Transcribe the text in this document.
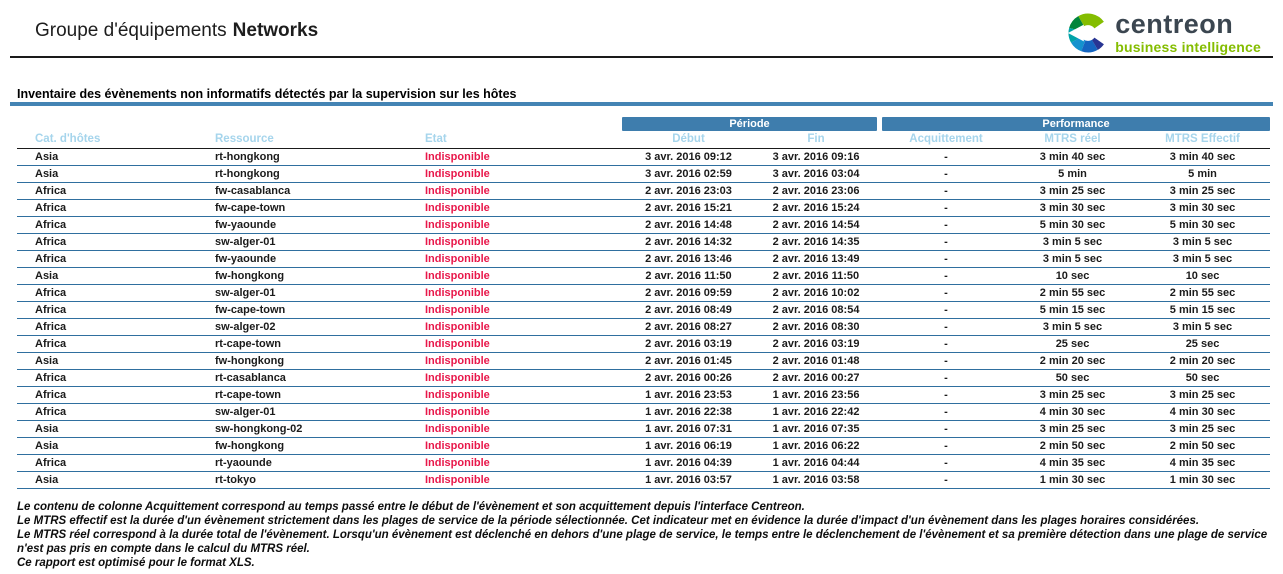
Groupe d'équipements Networks	centreon
business intelligence
Inventaire des évènements non informatifs détectés par la supervision sur les hôtes
			Période			Performance		
Cat. d'hôtes	Ressource	Etat	Début	Fin		Acquittement	MTRS réel	MTRS Effectif
Asia	rt-hongkong	Indisponible	3 avr. 2016 09:12	3 avr. 2016 09:16		-	3 min 40 sec	3 min 40 sec
Asia	rt-hongkong	Indisponible	3 avr. 2016 02:59	3 avr. 2016 03:04		-	5 min	5 min
Africa	fw-casablanca	Indisponible	2 avr. 2016 23:03	2 avr. 2016 23:06		-	3 min 25 sec	3 min 25 sec
Africa	fw-cape-town	Indisponible	2 avr. 2016 15:21	2 avr. 2016 15:24		-	3 min 30 sec	3 min 30 sec
Africa	fw-yaounde	Indisponible	2 avr. 2016 14:48	2 avr. 2016 14:54		-	5 min 30 sec	5 min 30 sec
Africa	sw-alger-01	Indisponible	2 avr. 2016 14:32	2 avr. 2016 14:35		-	3 min 5 sec	3 min 5 sec
Africa	fw-yaounde	Indisponible	2 avr. 2016 13:46	2 avr. 2016 13:49		-	3 min 5 sec	3 min 5 sec
Asia	fw-hongkong	Indisponible	2 avr. 2016 11:50	2 avr. 2016 11:50		-	10 sec	10 sec
Africa	sw-alger-01	Indisponible	2 avr. 2016 09:59	2 avr. 2016 10:02		-	2 min 55 sec	2 min 55 sec
Africa	fw-cape-town	Indisponible	2 avr. 2016 08:49	2 avr. 2016 08:54		-	5 min 15 sec	5 min 15 sec
Africa	sw-alger-02	Indisponible	2 avr. 2016 08:27	2 avr. 2016 08:30		-	3 min 5 sec	3 min 5 sec
Africa	rt-cape-town	Indisponible	2 avr. 2016 03:19	2 avr. 2016 03:19		-	25 sec	25 sec
Asia	fw-hongkong	Indisponible	2 avr. 2016 01:45	2 avr. 2016 01:48		-	2 min 20 sec	2 min 20 sec
Africa	rt-casablanca	Indisponible	2 avr. 2016 00:26	2 avr. 2016 00:27		-	50 sec	50 sec
Africa	rt-cape-town	Indisponible	1 avr. 2016 23:53	1 avr. 2016 23:56		-	3 min 25 sec	3 min 25 sec
Africa	sw-alger-01	Indisponible	1 avr. 2016 22:38	1 avr. 2016 22:42		-	4 min 30 sec	4 min 30 sec
Asia	sw-hongkong-02	Indisponible	1 avr. 2016 07:31	1 avr. 2016 07:35		-	3 min 25 sec	3 min 25 sec
Asia	fw-hongkong	Indisponible	1 avr. 2016 06:19	1 avr. 2016 06:22		-	2 min 50 sec	2 min 50 sec
Africa	rt-yaounde	Indisponible	1 avr. 2016 04:39	1 avr. 2016 04:44		-	4 min 35 sec	4 min 35 sec
Asia	rt-tokyo	Indisponible	1 avr. 2016 03:57	1 avr. 2016 03:58		-	1 min 30 sec	1 min 30 sec

Le contenu de colonne Acquittement correspond au temps passé entre le début de l'évènement et son acquittement depuis l'interface Centreon.

Le MTRS effectif est la durée d'un évènement strictement dans les plages de service de la période sélectionnée. Cet indicateur met en évidence la durée d'impact d'un évènement dans les plages horaires considérées.

Le MTRS réel correspond à la durée total de l'évènement. Lorsqu'un évènement est déclenché en dehors d'une plage de service, le temps entre le déclenchement de l'évènement et sa première détection dans une plage de service n'est pas pris en compte dans le calcul du MTRS réel.

Ce rapport est optimisé pour le format XLS.
